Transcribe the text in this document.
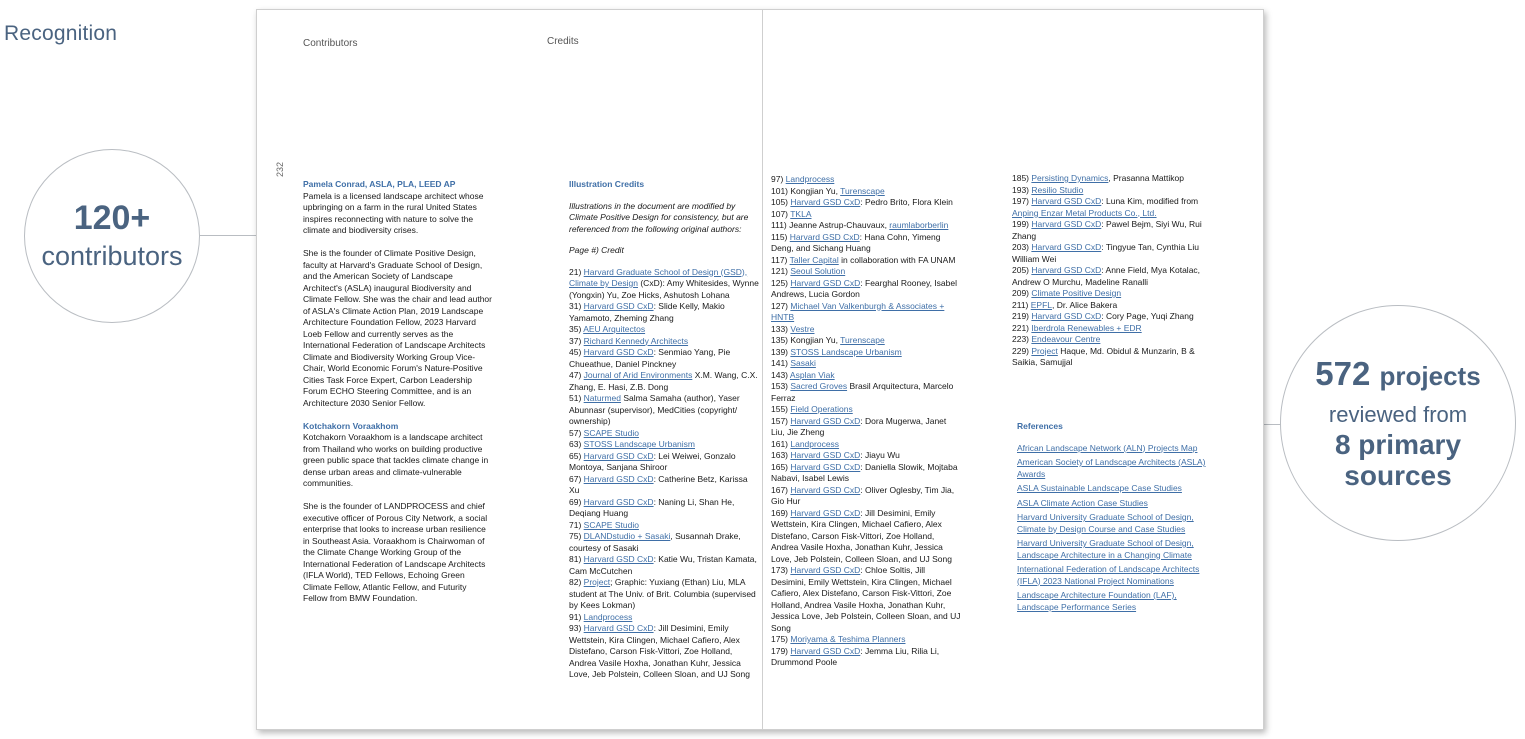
Recognition
120+
contributors
572 projects
reviewed from
8 primary
sources
Contributors	Credits
232
Pamela Conrad, ASLA, PLA, LEED AP

Pamela is a licensed landscape architect whose upbringing on a farm in the rural United States inspires reconnecting with nature to solve the climate and biodiversity crises.

She is the founder of Climate Positive Design, faculty at Harvard's Graduate School of Design, and the American Society of Landscape Architect's (ASLA) inaugural Biodiversity and Climate Fellow. She was the chair and lead author of ASLA's Climate Action Plan, 2019 Landscape Architecture Foundation Fellow, 2023 Harvard Loeb Fellow and currently serves as the International Federation of Landscape Architects Climate and Biodiversity Working Group Vice-Chair, World Economic Forum's Nature-Positive Cities Task Force Expert, Carbon Leadership Forum ECHO Steering Committee, and is an Architecture 2030 Senior Fellow.

Kotchakorn Voraakhom

Kotchakorn Voraakhom is a landscape architect from Thailand who works on building productive green public space that tackles climate change in dense urban areas and climate-vulnerable communities.

She is the founder of LANDPROCESS and chief executive officer of Porous City Network, a social enterprise that looks to increase urban resilience in Southeast Asia. Voraakhom is Chairwoman of the Climate Change Working Group of the International Federation of Landscape Architects (IFLA World), TED Fellows, Echoing Green Climate Fellow, Atlantic Fellow, and Futurity Fellow from BMW Foundation.

Illustration Credits
Illustrations in the document are modified by Climate Positive Design for consistency, but are referenced from the following original authors:
Page #) Credit
21) Harvard Graduate School of Design (GSD), Climate by Design (CxD): Amy Whitesides, Wynne (Yongxin) Yu, Zoe Hicks, Ashutosh Lohana
31) Harvard GSD CxD: Slide Kelly, Makio Yamamoto, Zheming Zhang
35) AEU Arquitectos
37) Richard Kennedy Architects
45) Harvard GSD CxD: Senmiao Yang, Pie Chueathue, Daniel Pinckney
47) Journal of Arid Environments X.M. Wang, C.X. Zhang, E. Hasi, Z.B. Dong
51) Naturmed Salma Samaha (author), Yaser Abunnasr (supervisor), MedCities (copyright/ ownership)
57) SCAPE Studio
63) STOSS Landscape Urbanism
65) Harvard GSD CxD: Lei Weiwei, Gonzalo Montoya, Sanjana Shiroor
67) Harvard GSD CxD: Catherine Betz, Karissa Xu
69) Harvard GSD CxD: Naning Li, Shan He, Deqiang Huang
71) SCAPE Studio
75) DLANDstudio + Sasaki, Susannah Drake, courtesy of Sasaki
81) Harvard GSD CxD: Katie Wu, Tristan Kamata, Cam McCutchen
82) Project; Graphic: Yuxiang (Ethan) Liu, MLA student at The Univ. of Brit. Columbia (supervised by Kees Lokman)
91) Landprocess
93) Harvard GSD CxD: Jill Desimini, Emily Wettstein, Kira Clingen, Michael Cafiero, Alex Distefano, Carson Fisk-Vittori, Zoe Holland, Andrea Vasile Hoxha, Jonathan Kuhr, Jessica Love, Jeb Polstein, Colleen Sloan, and UJ Song
97) Landprocess
101) Kongjian Yu, Turenscape
105) Harvard GSD CxD: Pedro Brito, Flora Klein
107) TKLA
111) Jeanne Astrup-Chauvaux, raumlaborberlin
115) Harvard GSD CxD: Hana Cohn, Yimeng Deng, and Sichang Huang
117) Taller Capital in collaboration with FA UNAM
121) Seoul Solution
125) Harvard GSD CxD: Fearghal Rooney, Isabel Andrews, Lucia Gordon
127) Michael Van Valkenburgh & Associates + HNTB
133) Vestre
135) Kongjian Yu, Turenscape
139) STOSS Landscape Urbanism
141) Sasaki
143) Asplan Viak
153) Sacred Groves Brasil Arquitectura, Marcelo Ferraz
155) Field Operations
157) Harvard GSD CxD: Dora Mugerwa, Janet Liu, Jie Zheng
161) Landprocess
163) Harvard GSD CxD: Jiayu Wu
165) Harvard GSD CxD: Daniella Slowik, Mojtaba Nabavi, Isabel Lewis
167) Harvard GSD CxD: Oliver Oglesby, Tim Jia, Gio Hur
169) Harvard GSD CxD: Jill Desimini, Emily Wettstein, Kira Clingen, Michael Cafiero, Alex Distefano, Carson Fisk-Vittori, Zoe Holland, Andrea Vasile Hoxha, Jonathan Kuhr, Jessica Love, Jeb Polstein, Colleen Sloan, and UJ Song
173) Harvard GSD CxD: Chloe Soltis, Jill Desimini, Emily Wettstein, Kira Clingen, Michael Cafiero, Alex Distefano, Carson Fisk-Vittori, Zoe Holland, Andrea Vasile Hoxha, Jonathan Kuhr, Jessica Love, Jeb Polstein, Colleen Sloan, and UJ Song
175) Moriyama & Teshima Planners
179) Harvard GSD CxD: Jemma Liu, Rilia Li, Drummond Poole
185) Persisting Dynamics, Prasanna Mattikop
193) Resilio Studio
197) Harvard GSD CxD: Luna Kim, modified from Anping Enzar Metal Products Co., Ltd.
199) Harvard GSD CxD: Pawel Bejm, Siyi Wu, Rui Zhang
203) Harvard GSD CxD: Tingyue Tan, Cynthia Liu William Wei
205) Harvard GSD CxD: Anne Field, Mya Kotalac, Andrew O Murchu, Madeline Ranalli
209) Climate Positive Design
211) EPFL, Dr. Alice Bakera
219) Harvard GSD CxD: Cory Page, Yuqi Zhang
221) Iberdrola Renewables + EDR
223) Endeavour Centre
229) Project Haque, Md. Obidul & Munzarin, B & Saikia, Samujjal
References
African Landscape Network (ALN) Projects Map
American Society of Landscape Architects (ASLA) Awards
ASLA Sustainable Landscape Case Studies
ASLA Climate Action Case Studies
Harvard University Graduate School of Design, Climate by Design Course and Case Studies
Harvard University Graduate School of Design, Landscape Architecture in a Changing Climate
International Federation of Landscape Architects (IFLA) 2023 National Project Nominations
Landscape Architecture Foundation (LAF), Landscape Performance Series
